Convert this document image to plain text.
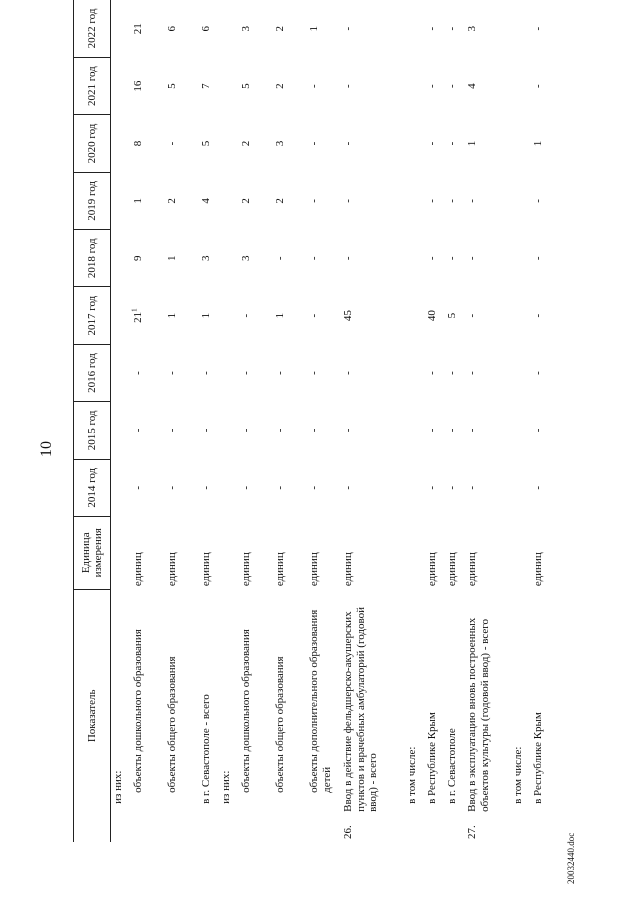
10
20032440.doc
Показатель		Единица измерения	2014 год	2015 год	2016 год	2017 год	2018 год	2019 год	2020 год	2021 год	2022 год
	из них:										
	объекты дошкольного образования	единиц	-	-	-	$21^1$	9	1	8	16	21
	объекты общего образования	единиц	-	-	-	1	1	2	-	5	6
	в г. Севастополе - всего	единиц	-	-	-	1	3	4	5	7	6
	из них:										
	объекты дошкольного образования	единиц	-	-	-	-	3	2	2	5	3
	объекты общего образования	единиц	-	-	-	1	-	2	3	2	2
	объекты дополнительного образования детей	единиц	-	-	-	-	-	-	-	-	1
26.	Ввод в действие фельдшерско-акушерских пунктов и врачебных амбулаторий (годовой ввод) - всего	единиц	-	-	-	45	-	-	-	-	-
	в том числе:										
	в Республике Крым	единиц	-	-	-	40	-	-	-	-	-
	в г. Севастополе	единиц	-	-	-	5	-	-	-	-	-
27.	Ввод в эксплуатацию вновь построенных объектов культуры (годовой ввод) - всего	единиц	-	-	-	-	-	-	1	4	3
	в том числе:										
	в Республике Крым	единиц	-	-	-	-	-	-	1	-	-
